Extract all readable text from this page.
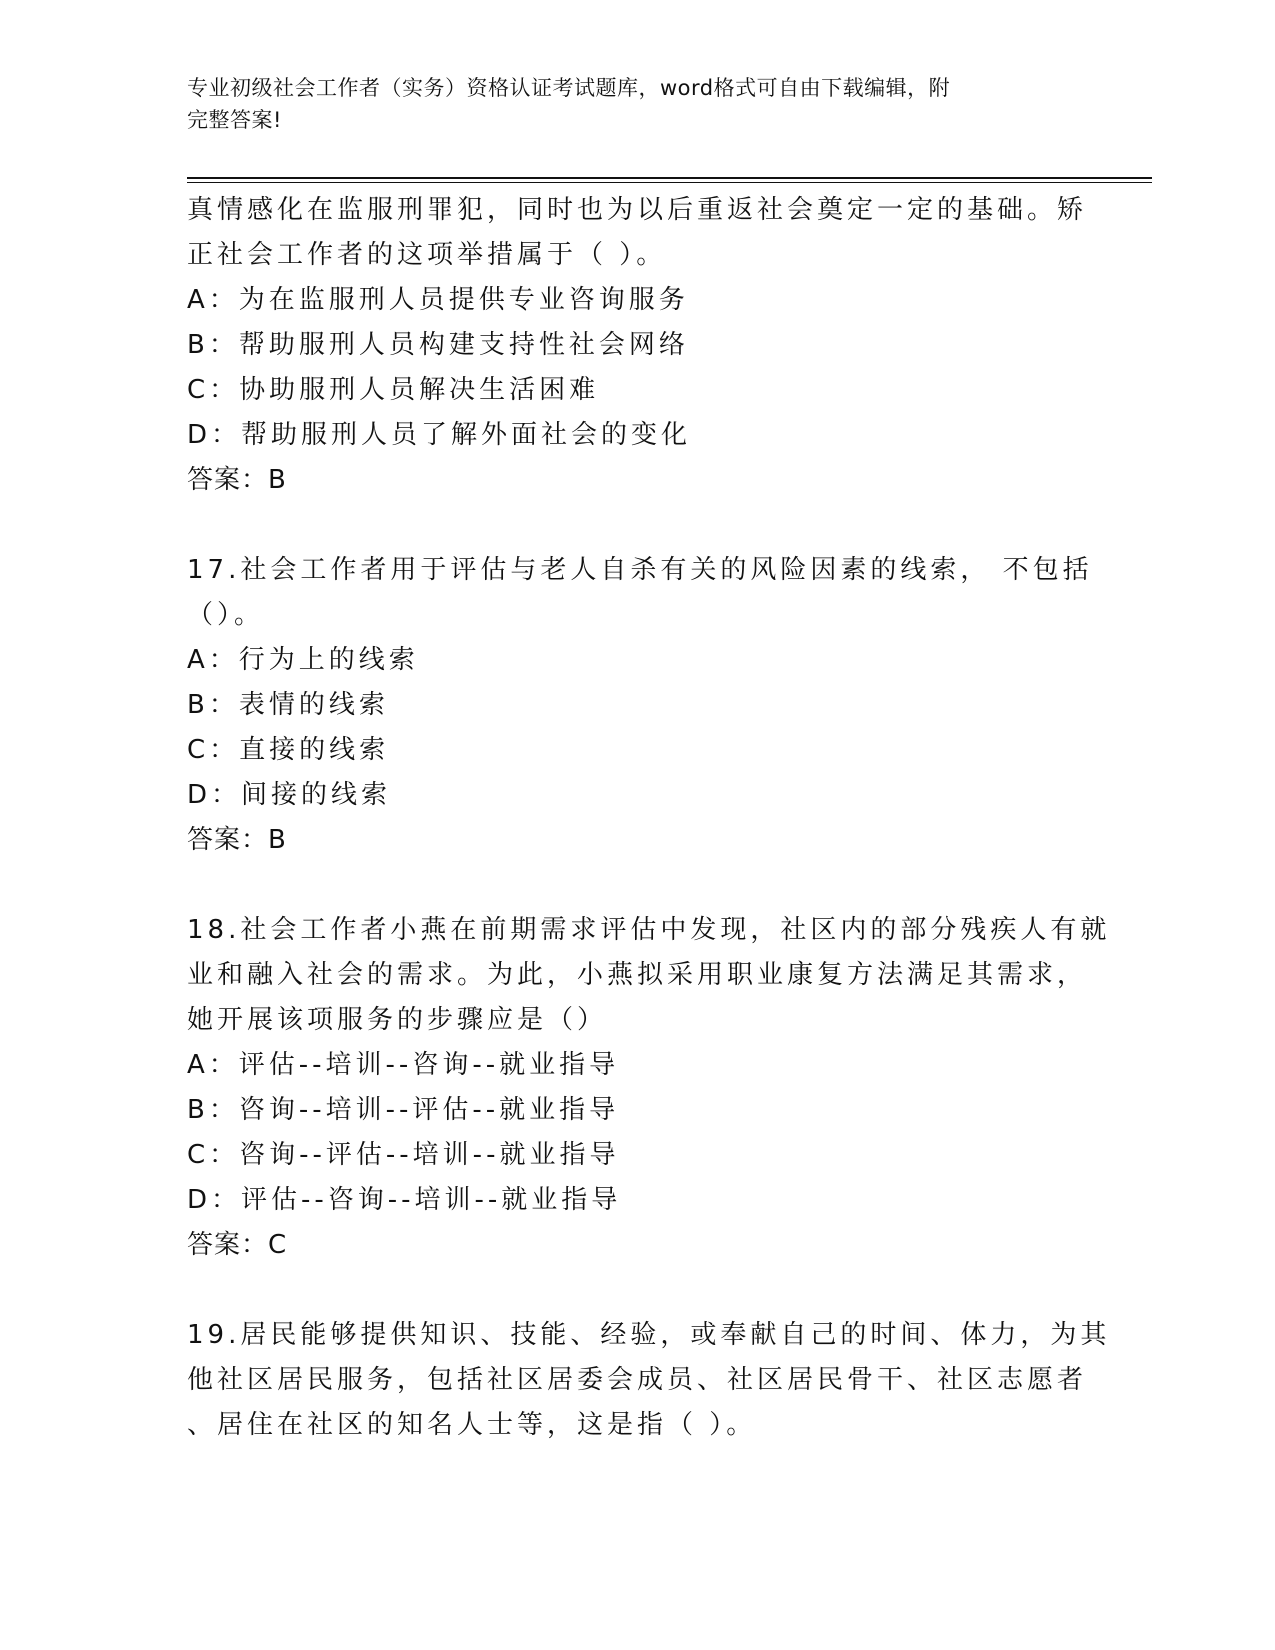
专业初级社会工作者（实务）资格认证考试题库，word格式可自由下载编辑，附
完整答案!
真情感化在监服刑罪犯，同时也为以后重返社会奠定一定的基础。矫
正社会工作者的这项举措属于（ ）。
A：为在监服刑人员提供专业咨询服务
B：帮助服刑人员构建支持性社会网络
C：协助服刑人员解决生活困难
D：帮助服刑人员了解外面社会的变化
答案：B
17.社会工作者用于评估与老人自杀有关的风险因素的线索， 不包括
（）。
A：行为上的线索
B：表情的线索
C：直接的线索
D：间接的线索
答案：B
18.社会工作者小燕在前期需求评估中发现，社区内的部分残疾人有就
业和融入社会的需求。为此，小燕拟采用职业康复方法满足其需求，
她开展该项服务的步骤应是（）
A：评估--培训--咨询--就业指导
B：咨询--培训--评估--就业指导
C：咨询--评估--培训--就业指导
D：评估--咨询--培训--就业指导
答案：C
19.居民能够提供知识、技能、经验，或奉献自己的时间、体力，为其
他社区居民服务，包括社区居委会成员、社区居民骨干、社区志愿者
、居住在社区的知名人士等，这是指（ ）。
